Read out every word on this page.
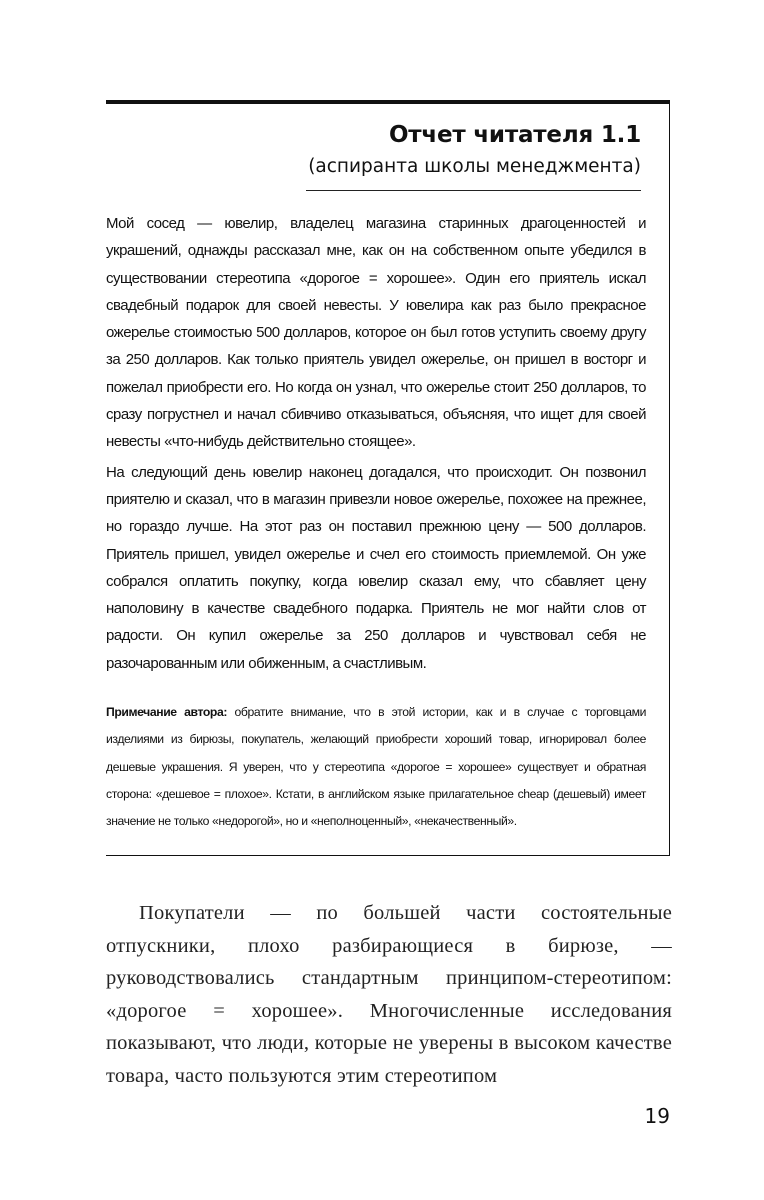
Отчет читателя 1.1
(аспиранта школы менеджмента)

Мой сосед — ювелир, владелец магазина старинных драгоценностей и украшений, однажды рассказал мне, как он на собственном опыте убедился в существовании стереотипа «дорогое = хорошее». Один его приятель искал свадебный подарок для своей невесты. У ювелира как раз было прекрасное ожерелье стоимостью 500 долларов, которое он был готов уступить своему другу за 250 долларов. Как только приятель увидел ожерелье, он пришел в восторг и пожелал приобрести его. Но когда он узнал, что ожерелье стоит 250 долларов, то сразу погрустнел и начал сбивчиво отказываться, объясняя, что ищет для своей невесты «что-нибудь действительно стоящее».

На следующий день ювелир наконец догадался, что происходит. Он позвонил приятелю и сказал, что в магазин привезли новое ожерелье, похожее на прежнее, но гораздо лучше. На этот раз он поставил прежнюю цену — 500 долларов. Приятель пришел, увидел ожерелье и счел его стоимость приемлемой. Он уже собрался оплатить покупку, когда ювелир сказал ему, что сбавляет цену наполовину в качестве свадебного подарка. Приятель не мог найти слов от радости. Он купил ожерелье за 250 долларов и чувствовал себя не разочарованным или обиженным, а счастливым.

Примечание автора: обратите внимание, что в этой истории, как и в случае с торговцами изделиями из бирюзы, покупатель, желающий приобрести хороший товар, игнорировал более дешевые украшения. Я уверен, что у стереотипа «дорогое = хорошее» существует и обратная сторона: «дешевое = плохое». Кстати, в английском языке прилагательное cheap (дешевый) имеет значение не только «недорогой», но и «неполноценный», «некачественный».

Покупатели — по большей части состоятельные отпускники, плохо разбирающиеся в бирюзе, — руководствовались стандартным принципом-стереотипом: «дорогое = хорошее». Многочисленные исследования показывают, что люди, которые не уверены в высоком качестве товара, часто пользуются этим стереотипом

19
